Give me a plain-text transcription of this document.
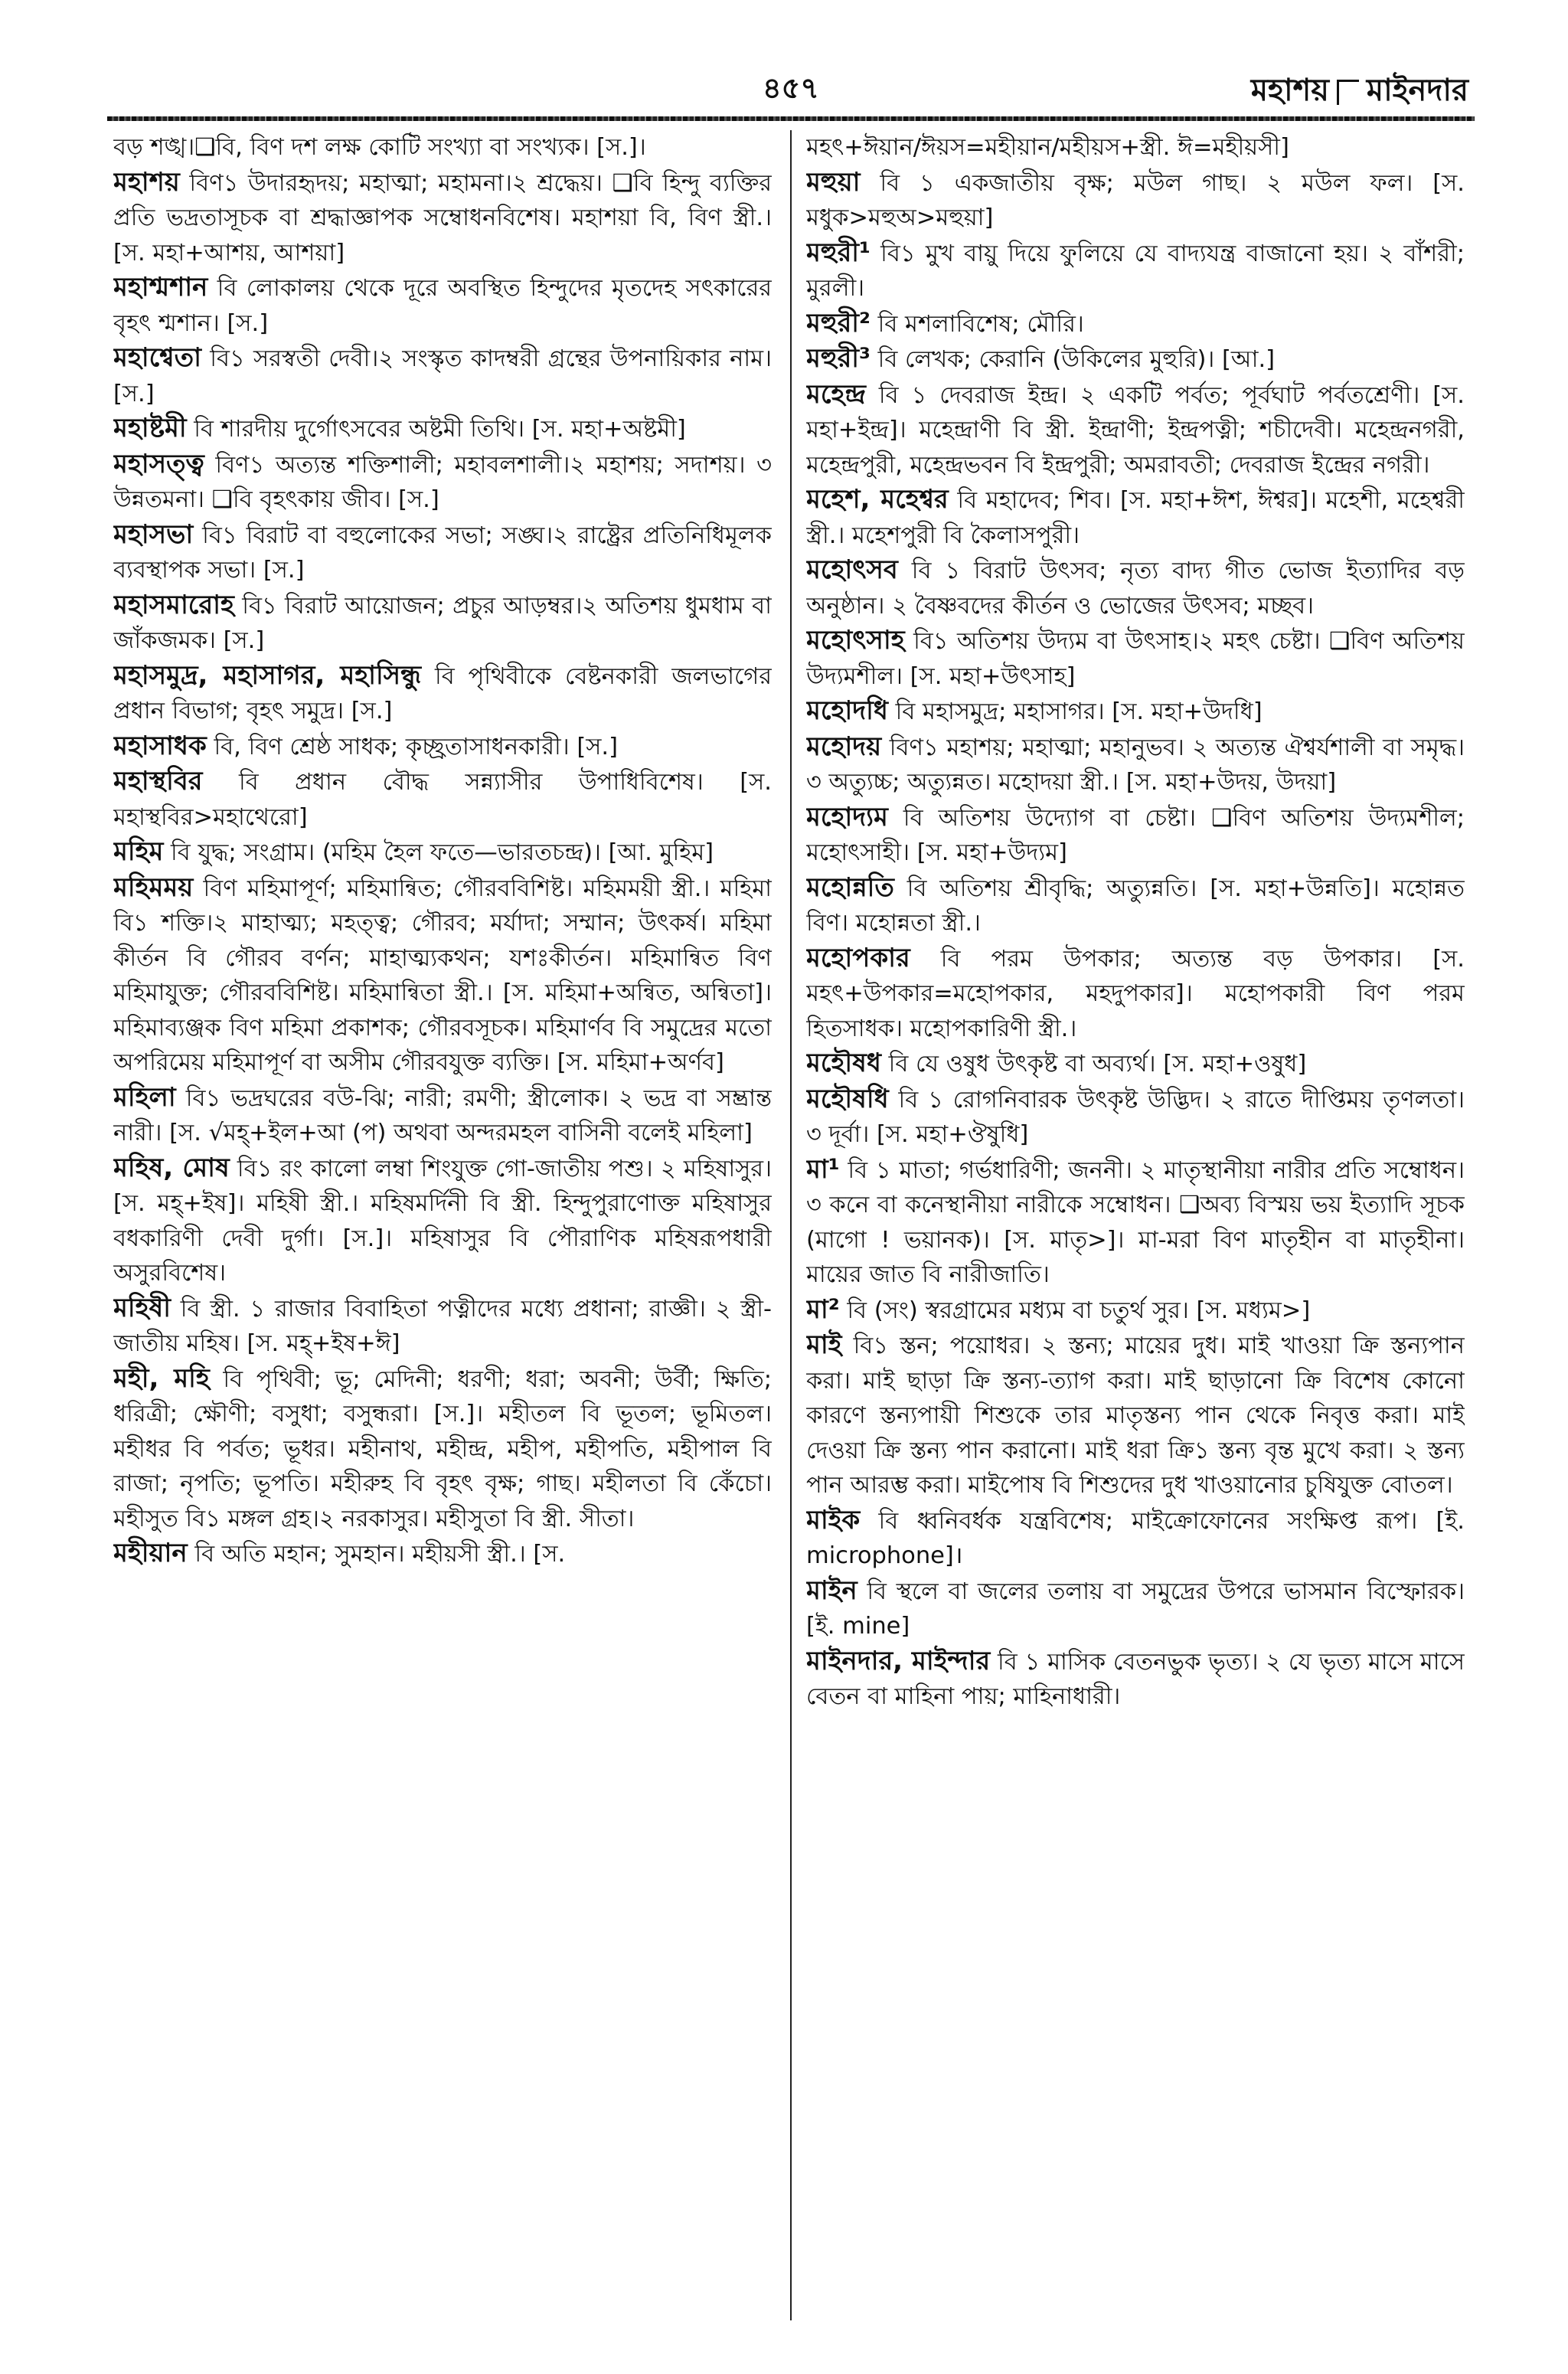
৪৫৭	মহাশয় মাইনদার

বড় শঙ্খ।❑বি, বিণ দশ লক্ষ কোটি সংখ্যা বা সংখ্যক। [স.]।

মহাশয় বিণ১ উদারহৃদয়; মহাত্মা; মহামনা।২ শ্রদ্ধেয়। ❑বি হিন্দু ব্যক্তির প্রতি ভদ্রতাসূচক বা শ্রদ্ধাজ্ঞাপক সম্বোধনবিশেষ। মহাশয়া বি, বিণ স্ত্রী.। [স. মহা+আশয়, আশয়া]

মহাশ্মশান বি লোকালয় থেকে দূরে অবস্থিত হিন্দুদের মৃতদেহ সৎকারের বৃহৎ শ্মশান। [স.]

মহাশ্বেতা বি১ সরস্বতী দেবী।২ সংস্কৃত কাদম্বরী গ্রন্থের উপনায়িকার নাম। [স.]

মহাষ্টমী বি শারদীয় দুর্গোৎসবের অষ্টমী তিথি। [স. মহা+অষ্টমী]

মহাসত্ত্ব বিণ১ অত্যন্ত শক্তিশালী; মহাবলশালী।২ মহাশয়; সদাশয়। ৩ উন্নতমনা। ❑বি বৃহৎকায় জীব। [স.]

মহাসভা বি১ বিরাট বা বহুলোকের সভা; সঙ্ঘ।২ রাষ্ট্রের প্রতিনিধিমূলক ব্যবস্থাপক সভা। [স.]

মহাসমারোহ বি১ বিরাট আয়োজন; প্রচুর আড়ম্বর।২ অতিশয় ধুমধাম বা জাঁকজমক। [স.]

মহাসমুদ্র, মহাসাগর, মহাসিন্ধু বি পৃথিবীকে বেষ্টনকারী জলভাগের প্রধান বিভাগ; বৃহৎ সমুদ্র। [স.]

মহাসাধক বি, বিণ শ্রেষ্ঠ সাধক; কৃচ্ছ্রতাসাধনকারী। [স.]

মহাস্থবির বি প্রধান বৌদ্ধ সন্ন্যাসীর উপাধিবিশেষ। [স. মহাস্থবির>মহাথেরো]

মহিম বি যুদ্ধ; সংগ্রাম। (মহিম হৈল ফতে—ভারতচন্দ্র)। [আ. মুহিম]

মহিমময় বিণ মহিমাপূর্ণ; মহিমান্বিত; গৌরববিশিষ্ট। মহিমময়ী স্ত্রী.। মহিমা বি১ শক্তি।২ মাহাত্ম্য; মহত্ত্ব; গৌরব; মর্যাদা; সম্মান; উৎকর্ষ। মহিমা কীর্তন বি গৌরব বর্ণন; মাহাত্ম্যকথন; যশঃকীর্তন। মহিমান্বিত বিণ মহিমাযুক্ত; গৌরববিশিষ্ট। মহিমান্বিতা স্ত্রী.। [স. মহিমা+অন্বিত, অন্বিতা]। মহিমাব্যঞ্জক বিণ মহিমা প্রকাশক; গৌরবসূচক। মহিমার্ণব বি সমুদ্রের মতো অপরিমেয় মহিমাপূর্ণ বা অসীম গৌরবযুক্ত ব্যক্তি। [স. মহিমা+অর্ণব]

মহিলা বি১ ভদ্রঘরের বউ-ঝি; নারী; রমণী; স্ত্রীলোক। ২ ভদ্র বা সম্ভ্রান্ত নারী। [স. √মহ্+ইল+আ (প) অথবা অন্দরমহল বাসিনী বলেই মহিলা]

মহিষ, মোষ বি১ রং কালো লম্বা শিংযুক্ত গো-জাতীয় পশু। ২ মহিষাসুর। [স. মহ্+ইষ]। মহিষী স্ত্রী.। মহিষমর্দিনী বি স্ত্রী. হিন্দুপুরাণোক্ত মহিষাসুর বধকারিণী দেবী দুর্গা। [স.]। মহিষাসুর বি পৌরাণিক মহিষরূপধারী অসুরবিশেষ।

মহিষী বি স্ত্রী. ১ রাজার বিবাহিতা পত্নীদের মধ্যে প্রধানা; রাজ্ঞী। ২ স্ত্রী-জাতীয় মহিষ। [স. মহ্+ইষ+ঈ]

মহী, মহি বি পৃথিবী; ভূ; মেদিনী; ধরণী; ধরা; অবনী; উর্বী; ক্ষিতি; ধরিত্রী; ক্ষৌণী; বসুধা; বসুন্ধরা। [স.]। মহীতল বি ভূতল; ভূমিতল। মহীধর বি পর্বত; ভূধর। মহীনাথ, মহীন্দ্র, মহীপ, মহীপতি, মহীপাল বি রাজা; নৃপতি; ভূপতি। মহীরুহ বি বৃহৎ বৃক্ষ; গাছ। মহীলতা বি কেঁচো। মহীসুত বি১ মঙ্গল গ্রহ।২ নরকাসুর। মহীসুতা বি স্ত্রী. সীতা।

মহীয়ান বি অতি মহান; সুমহান। মহীয়সী স্ত্রী.। [স.

মহৎ+ঈয়ান/ঈয়স=মহীয়ান/মহীয়স+স্ত্রী. ঈ=মহীয়সী]

মহুয়া বি ১ একজাতীয় বৃক্ষ; মউল গাছ। ২ মউল ফল। [স. মধুক>মহুঅ>মহুয়া]

মহুরী¹ বি১ মুখ বায়ু দিয়ে ফুলিয়ে যে বাদ্যযন্ত্র বাজানো হয়। ২ বাঁশরী; মুরলী।

মহুরী² বি মশলাবিশেষ; মৌরি।

মহুরী³ বি লেখক; কেরানি (উকিলের মুহুরি)। [আ.]

মহেন্দ্র বি ১ দেবরাজ ইন্দ্র। ২ একটি পর্বত; পূর্বঘাট পর্বতশ্রেণী। [স. মহা+ইন্দ্র]। মহেন্দ্রাণী বি স্ত্রী. ইন্দ্রাণী; ইন্দ্রপত্নী; শচীদেবী। মহেন্দ্রনগরী, মহেন্দ্রপুরী, মহেন্দ্রভবন বি ইন্দ্রপুরী; অমরাবতী; দেবরাজ ইন্দ্রের নগরী।

মহেশ, মহেশ্বর বি মহাদেব; শিব। [স. মহা+ঈশ, ঈশ্বর]। মহেশী, মহেশ্বরী স্ত্রী.। মহেশপুরী বি কৈলাসপুরী।

মহোৎসব বি ১ বিরাট উৎসব; নৃত্য বাদ্য গীত ভোজ ইত্যাদির বড় অনুষ্ঠান। ২ বৈষ্ণবদের কীর্তন ও ভোজের উৎসব; মচ্ছব।

মহোৎসাহ বি১ অতিশয় উদ্যম বা উৎসাহ।২ মহৎ চেষ্টা। ❑বিণ অতিশয় উদ্যমশীল। [স. মহা+উৎসাহ]

মহোদধি বি মহাসমুদ্র; মহাসাগর। [স. মহা+উদধি]

মহোদয় বিণ১ মহাশয়; মহাত্মা; মহানুভব। ২ অত্যন্ত ঐশ্বর্যশালী বা সমৃদ্ধ। ৩ অত্যুচ্চ; অত্যুন্নত। মহোদয়া স্ত্রী.। [স. মহা+উদয়, উদয়া]

মহোদ্যম বি অতিশয় উদ্যোগ বা চেষ্টা। ❑বিণ অতিশয় উদ্যমশীল; মহোৎসাহী। [স. মহা+উদ্যম]

মহোন্নতি বি অতিশয় শ্রীবৃদ্ধি; অত্যুন্নতি। [স. মহা+উন্নতি]। মহোন্নত বিণ। মহোন্নতা স্ত্রী.।

মহোপকার বি পরম উপকার; অত্যন্ত বড় উপকার। [স. মহৎ+উপকার=মহোপকার, মহদুপকার]। মহোপকারী বিণ পরম হিতসাধক। মহোপকারিণী স্ত্রী.।

মহৌষধ বি যে ওষুধ উৎকৃষ্ট বা অব্যর্থ। [স. মহা+ওষুধ]

মহৌষধি বি ১ রোগনিবারক উৎকৃষ্ট উদ্ভিদ। ২ রাতে দীপ্তিময় তৃণলতা। ৩ দূর্বা। [স. মহা+ঔষুধি]

মা¹ বি ১ মাতা; গর্ভধারিণী; জননী। ২ মাতৃস্থানীয়া নারীর প্রতি সম্বোধন। ৩ কনে বা কনেস্থানীয়া নারীকে সম্বোধন। ❑অব্য বিস্ময় ভয় ইত্যাদি সূচক (মাগো ! ভয়ানক)। [স. মাতৃ>]। মা-মরা বিণ মাতৃহীন বা মাতৃহীনা। মায়ের জাত বি নারীজাতি।

মা² বি (সং) স্বরগ্রামের মধ্যম বা চতুর্থ সুর। [স. মধ্যম>]

মাই বি১ স্তন; পয়োধর। ২ স্তন্য; মায়ের দুধ। মাই খাওয়া ক্রি স্তন্যপান করা। মাই ছাড়া ক্রি স্তন্য-ত্যাগ করা। মাই ছাড়ানো ক্রি বিশেষ কোনো কারণে স্তন্যপায়ী শিশুকে তার মাতৃস্তন্য পান থেকে নিবৃত্ত করা। মাই দেওয়া ক্রি স্তন্য পান করানো। মাই ধরা ক্রি১ স্তন্য বৃন্ত মুখে করা। ২ স্তন্য পান আরম্ভ করা। মাইপোষ বি শিশুদের দুধ খাওয়ানোর চুষিযুক্ত বোতল।

মাইক বি ধ্বনিবর্ধক যন্ত্রবিশেষ; মাইক্রোফোনের সংক্ষিপ্ত রূপ। [ই. microphone]।

মাইন বি স্থলে বা জলের তলায় বা সমুদ্রের উপরে ভাসমান বিস্ফোরক। [ই. mine]

মাইনদার, মাইন্দার বি ১ মাসিক বেতনভুক ভৃত্য। ২ যে ভৃত্য মাসে মাসে বেতন বা মাহিনা পায়; মাহিনাধারী।
